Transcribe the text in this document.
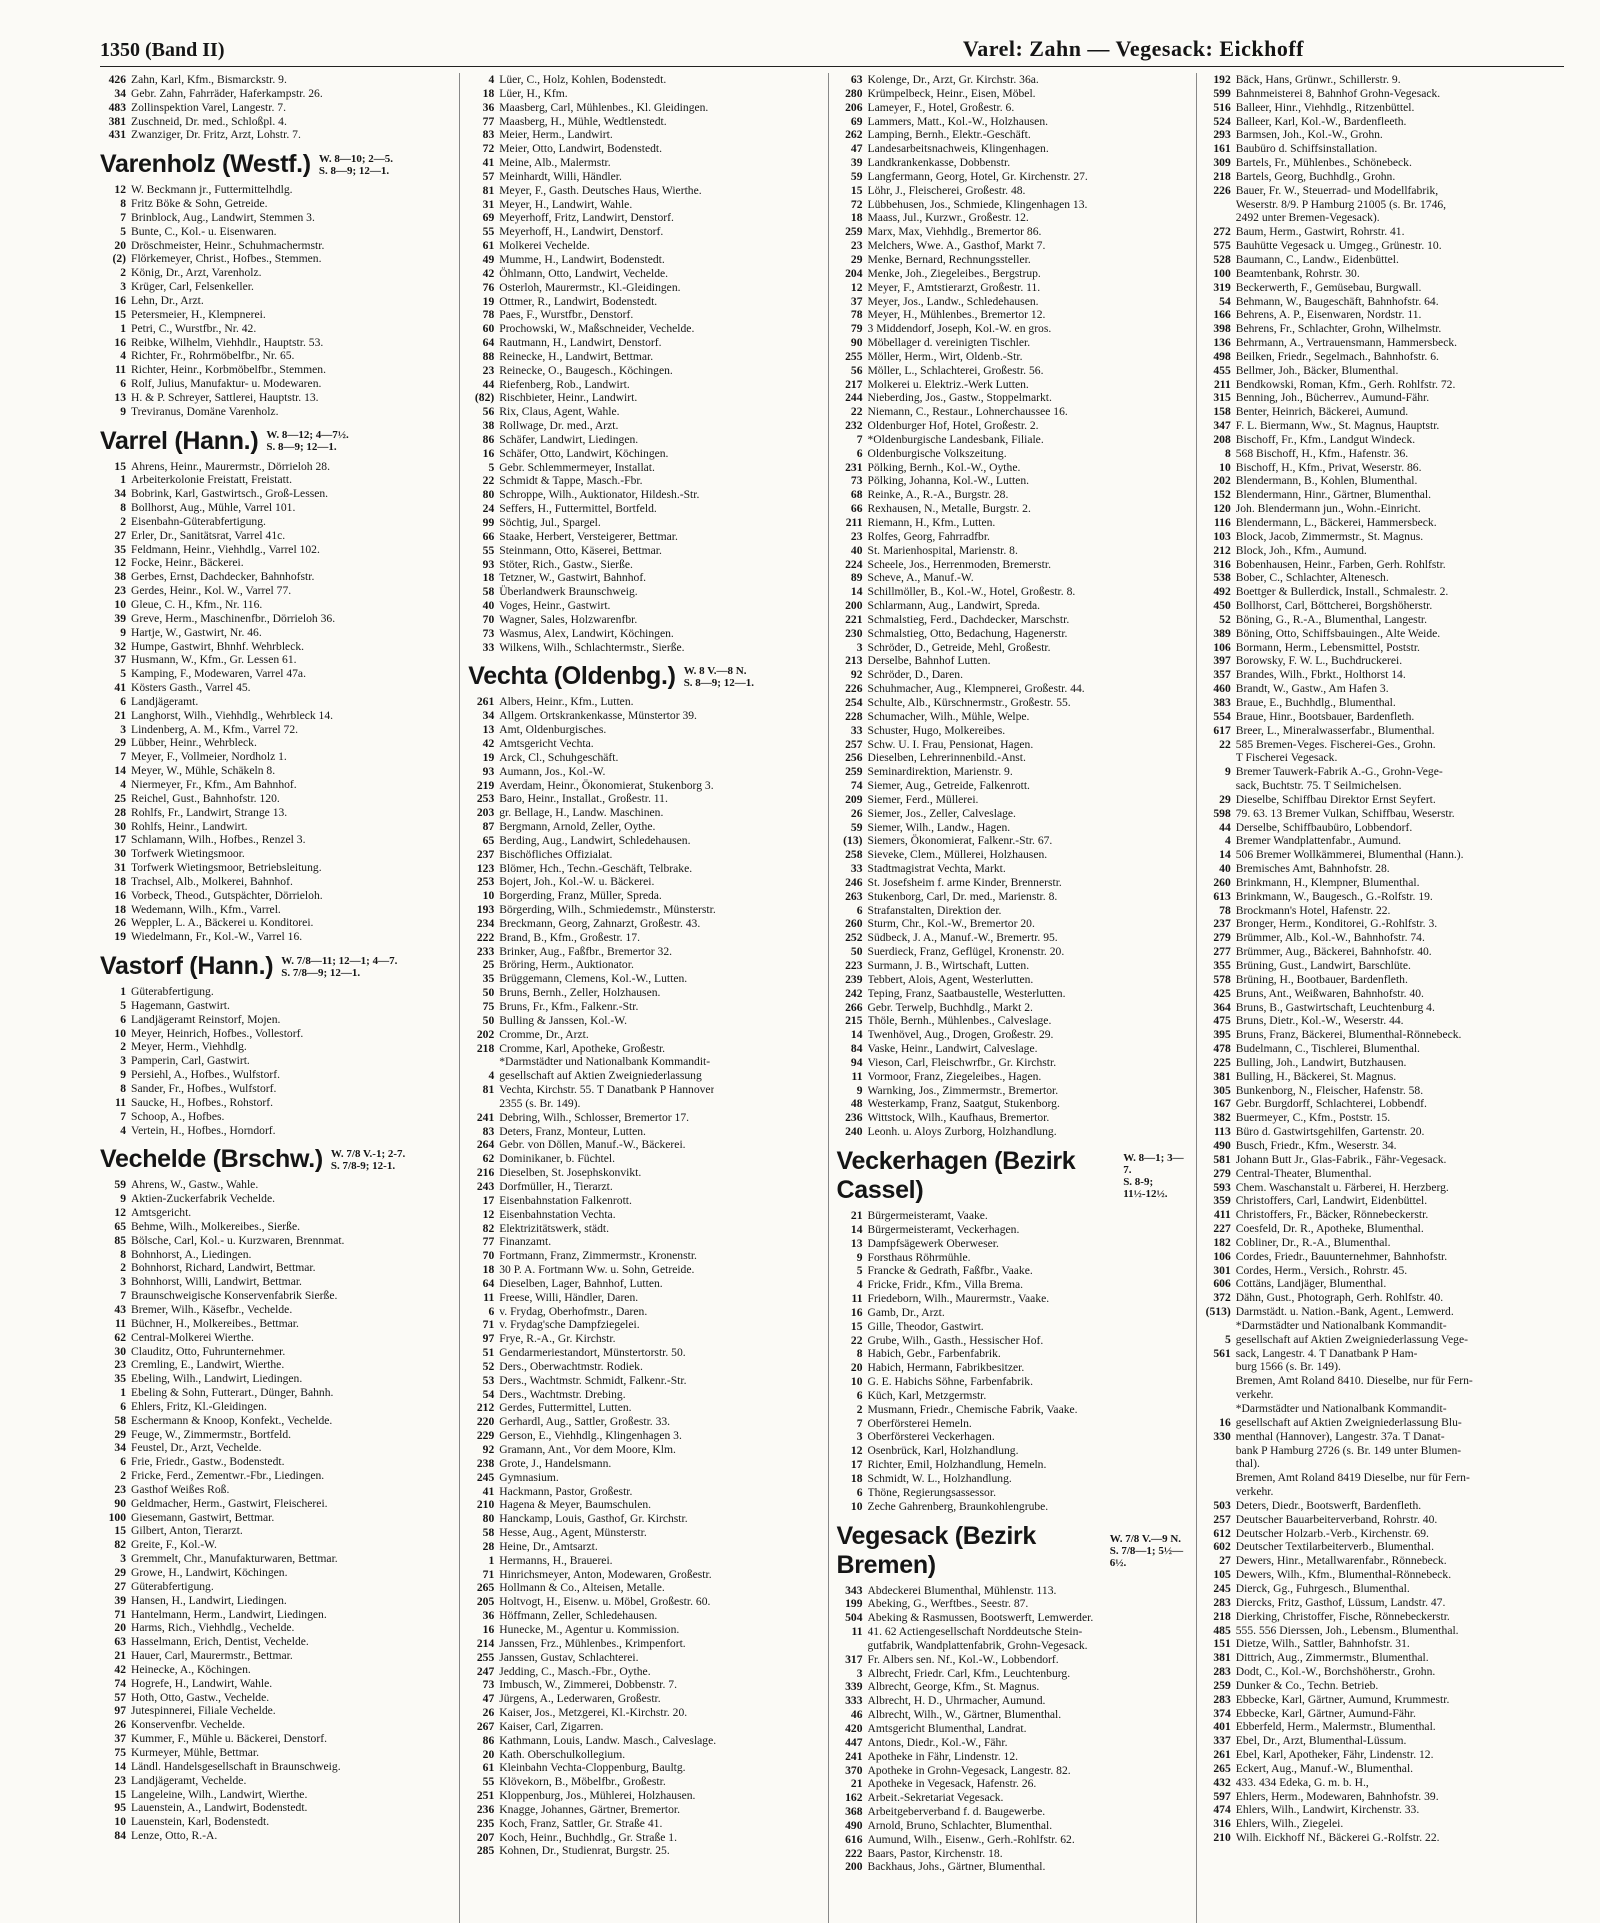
1350 (Band II)	Varel: Zahn — Vegesack: Eickhoff
426 Zahn, Karl, Kfm., Bismarckstr. 9.
34 Gebr. Zahn, Fahrräder, Haferkampstr. 26.
483 Zollinspektion Varel, Langestr. 7.
381 Zuschneid, Dr. med., Schloßpl. 4.
431 Zwanziger, Dr. Fritz, Arzt, Lohstr. 7.
Varenholz (Westf.) W. 8—10; 2—5.
S. 8—9; 12—1.
12 W. Beckmann jr., Futtermittelhdlg.
8 Fritz Böke & Sohn, Getreide.
7 Brinblock, Aug., Landwirt, Stemmen 3.
5 Bunte, C., Kol.- u. Eisenwaren.
20 Dröschmeister, Heinr., Schuhmachermstr.
(2) Flörkemeyer, Christ., Hofbes., Stemmen.
2 König, Dr., Arzt, Varenholz.
3 Krüger, Carl, Felsenkeller.
16 Lehn, Dr., Arzt.
15 Petersmeier, H., Klempnerei.
1 Petri, C., Wurstfbr., Nr. 42.
16 Reibke, Wilhelm, Viehhdlr., Hauptstr. 53.
4 Richter, Fr., Rohrmöbelfbr., Nr. 65.
11 Richter, Heinr., Korbmöbelfbr., Stemmen.
6 Rolf, Julius, Manufaktur- u. Modewaren.
13 H. & P. Schreyer, Sattlerei, Hauptstr. 13.
9 Treviranus, Domäne Varenholz.
Varrel (Hann.) W. 8—12; 4—7½.
S. 8—9; 12—1.
15 Ahrens, Heinr., Maurermstr., Dörrieloh 28.
1 Arbeiterkolonie Freistatt, Freistatt.
34 Bobrink, Karl, Gastwirtsch., Groß-Lessen.
8 Bollhorst, Aug., Mühle, Varrel 101.
2 Eisenbahn-Güterabfertigung.
27 Erler, Dr., Sanitätsrat, Varrel 41c.
35 Feldmann, Heinr., Viehhdlg., Varrel 102.
12 Focke, Heinr., Bäckerei.
38 Gerbes, Ernst, Dachdecker, Bahnhofstr.
23 Gerdes, Heinr., Kol. W., Varrel 77.
10 Gleue, C. H., Kfm., Nr. 116.
39 Greve, Herm., Maschinenfbr., Dörrieloh 36.
9 Hartje, W., Gastwirt, Nr. 46.
32 Humpe, Gastwirt, Bhnhf. Wehrbleck.
37 Husmann, W., Kfm., Gr. Lessen 61.
5 Kamping, F., Modewaren, Varrel 47a.
41 Kösters Gasth., Varrel 45.
6 Landjägeramt.
21 Langhorst, Wilh., Viehhdlg., Wehrbleck 14.
3 Lindenberg, A. M., Kfm., Varrel 72.
29 Lübber, Heinr., Wehrbleck.
7 Meyer, F., Vollmeier, Nordholz 1.
14 Meyer, W., Mühle, Schäkeln 8.
4 Niermeyer, Fr., Kfm., Am Bahnhof.
25 Reichel, Gust., Bahnhofstr. 120.
28 Rohlfs, Fr., Landwirt, Strange 13.
30 Rohlfs, Heinr., Landwirt.
17 Schlamann, Wilh., Hofbes., Renzel 3.
30 Torfwerk Wietingsmoor.
31 Torfwerk Wietingsmoor, Betriebsleitung.
18 Trachsel, Alb., Molkerei, Bahnhof.
16 Vorbeck, Theod., Gutspächter, Dörrieloh.
18 Wedemann, Wilh., Kfm., Varrel.
26 Weppler, L. A., Bäckerei u. Konditorei.
19 Wiedelmann, Fr., Kol.-W., Varrel 16.
Vastorf (Hann.) W. 7/8—11; 12—1; 4—7.
S. 7/8—9; 12—1.
1 Güterabfertigung.
5 Hagemann, Gastwirt.
6 Landjägeramt Reinstorf, Mojen.
10 Meyer, Heinrich, Hofbes., Vollestorf.
2 Meyer, Herm., Viehhdlg.
3 Pamperin, Carl, Gastwirt.
9 Persiehl, A., Hofbes., Wulfstorf.
8 Sander, Fr., Hofbes., Wulfstorf.
11 Saucke, H., Hofbes., Rohstorf.
7 Schoop, A., Hofbes.
4 Vertein, H., Hofbes., Horndorf.
Vechelde (Brschw.) W. 7/8 V.-1; 2-7.
S. 7/8-9; 12-1.
59 Ahrens, W., Gastw., Wahle.
9 Aktien-Zuckerfabrik Vechelde.
12 Amtsgericht.
65 Behme, Wilh., Molkereibes., Sierße.
85 Bölsche, Carl, Kol.- u. Kurzwaren, Brennmat.
8 Bohnhorst, A., Liedingen.
2 Bohnhorst, Richard, Landwirt, Bettmar.
3 Bohnhorst, Willi, Landwirt, Bettmar.
7 Braunschweigische Konservenfabrik Sierße.
43 Bremer, Wilh., Käsefbr., Vechelde.
11 Büchner, H., Molkereibes., Bettmar.
62 Central-Molkerei Wierthe.
30 Clauditz, Otto, Fuhrunternehmer.
23 Cremling, E., Landwirt, Wierthe.
35 Ebeling, Wilh., Landwirt, Liedingen.
1 Ebeling & Sohn, Futterart., Dünger, Bahnh.
6 Ehlers, Fritz, Kl.-Gleidingen.
58 Eschermann & Knoop, Konfekt., Vechelde.
29 Feuge, W., Zimmermstr., Bortfeld.
34 Feustel, Dr., Arzt, Vechelde.
6 Frie, Friedr., Gastw., Bodenstedt.
2 Fricke, Ferd., Zementwr.-Fbr., Liedingen.
23 Gasthof Weißes Roß.
90 Geldmacher, Herm., Gastwirt, Fleischerei.
100 Giesemann, Gastwirt, Bettmar.
15 Gilbert, Anton, Tierarzt.
82 Greite, F., Kol.-W.
3 Gremmelt, Chr., Manufakturwaren, Bettmar.
29 Growe, H., Landwirt, Köchingen.
27 Güterabfertigung.
39 Hansen, H., Landwirt, Liedingen.
71 Hantelmann, Herm., Landwirt, Liedingen.
20 Harms, Rich., Viehhdlg., Vechelde.
63 Hasselmann, Erich, Dentist, Vechelde.
21 Hauer, Carl, Maurermstr., Bettmar.
42 Heinecke, A., Köchingen.
74 Hogrefe, H., Landwirt, Wahle.
57 Hoth, Otto, Gastw., Vechelde.
97 Jutespinnerei, Filiale Vechelde.
26 Konservenfbr. Vechelde.
37 Kummer, F., Mühle u. Bäckerei, Denstorf.
75 Kurmeyer, Mühle, Bettmar.
14 Ländl. Handelsgesellschaft in Braunschweig.
23 Landjägeramt, Vechelde.
15 Langeleine, Wilh., Landwirt, Wierthe.
95 Lauenstein, A., Landwirt, Bodenstedt.
10 Lauenstein, Karl, Bodenstedt.
84 Lenze, Otto, R.-A.
4 Lüer, C., Holz, Kohlen, Bodenstedt.
18 Lüer, H., Kfm.
36 Maasberg, Carl, Mühlenbes., Kl. Gleidingen.
77 Maasberg, H., Mühle, Wedtlenstedt.
83 Meier, Herm., Landwirt.
72 Meier, Otto, Landwirt, Bodenstedt.
41 Meine, Alb., Malermstr.
57 Meinhardt, Willi, Händler.
81 Meyer, F., Gasth. Deutsches Haus, Wierthe.
31 Meyer, H., Landwirt, Wahle.
69 Meyerhoff, Fritz, Landwirt, Denstorf.
55 Meyerhoff, H., Landwirt, Denstorf.
61 Molkerei Vechelde.
49 Mumme, H., Landwirt, Bodenstedt.
42 Öhlmann, Otto, Landwirt, Vechelde.
76 Osterloh, Maurermstr., Kl.-Gleidingen.
19 Ottmer, R., Landwirt, Bodenstedt.
78 Paes, F., Wurstfbr., Denstorf.
60 Prochowski, W., Maßschneider, Vechelde.
64 Rautmann, H., Landwirt, Denstorf.
88 Reinecke, H., Landwirt, Bettmar.
23 Reinecke, O., Baugesch., Köchingen.
44 Riefenberg, Rob., Landwirt.
(82) Rischbieter, Heinr., Landwirt.
56 Rix, Claus, Agent, Wahle.
38 Rollwage, Dr. med., Arzt.
86 Schäfer, Landwirt, Liedingen.
16 Schäfer, Otto, Landwirt, Köchingen.
5 Gebr. Schlemmermeyer, Installat.
22 Schmidt & Tappe, Masch.-Fbr.
80 Schroppe, Wilh., Auktionator, Hildesh.-Str.
24 Seffers, H., Futtermittel, Bortfeld.
99 Söchtig, Jul., Spargel.
66 Staake, Herbert, Versteigerer, Bettmar.
55 Steinmann, Otto, Käserei, Bettmar.
93 Stöter, Rich., Gastw., Sierße.
18 Tetzner, W., Gastwirt, Bahnhof.
58 Überlandwerk Braunschweig.
40 Voges, Heinr., Gastwirt.
70 Wagner, Sales, Holzwarenfbr.
73 Wasmus, Alex, Landwirt, Köchingen.
33 Wilkens, Wilh., Schlachtermstr., Sierße.
Vechta (Oldenbg.) W. 8 V.—8 N.
S. 8—9; 12—1.
261 Albers, Heinr., Kfm., Lutten.
34 Allgem. Ortskrankenkasse, Münstertor 39.
13 Amt, Oldenburgisches.
42 Amtsgericht Vechta.
19 Arck, Cl., Schuhgeschäft.
93 Aumann, Jos., Kol.-W.
219 Averdam, Heinr., Ökonomierat, Stukenborg 3.
253 Baro, Heinr., Installat., Großestr. 11.
203 gr. Bellage, H., Landw. Maschinen.
87 Bergmann, Arnold, Zeller, Oythe.
65 Berding, Aug., Landwirt, Schledehausen.
237 Bischöfliches Offizialat.
123 Blömer, Hch., Techn.-Geschäft, Telbrake.
253 Bojert, Joh., Kol.-W. u. Bäckerei.
10 Borgerding, Franz, Müller, Spreda.
193 Börgerding, Wilh., Schmiedemstr., Münsterstr.
234 Breckmann, Georg, Zahnarzt, Großestr. 43.
222 Brand, B., Kfm., Großestr. 17.
233 Brinker, Aug., Faßfbr., Bremertor 32.
25 Bröring, Herm., Auktionator.
35 Brüggemann, Clemens, Kol.-W., Lutten.
50 Bruns, Bernh., Zeller, Holzhausen.
75 Bruns, Fr., Kfm., Falkenr.-Str.
50 Bulling & Janssen, Kol.-W.
202 Cromme, Dr., Arzt.
218 Cromme, Karl, Apotheke, Großestr.
*Darmstädter und Nationalbank Kommandit-
4 gesellschaft auf Aktien Zweigniederlassung
81 Vechta, Kirchstr. 55. T Danatbank P Hannover
2355 (s. Br. 149).
241 Debring, Wilh., Schlosser, Bremertor 17.
83 Deters, Franz, Monteur, Lutten.
264 Gebr. von Döllen, Manuf.-W., Bäckerei.
62 Dominikaner, b. Füchtel.
216 Dieselben, St. Josephskonvikt.
243 Dorfmüller, H., Tierarzt.
17 Eisenbahnstation Falkenrott.
12 Eisenbahnstation Vechta.
82 Elektrizitätswerk, städt.
77 Finanzamt.
70 Fortmann, Franz, Zimmermstr., Kronenstr.
18 30 P. A. Fortmann Ww. u. Sohn, Getreide.
64 Dieselben, Lager, Bahnhof, Lutten.
11 Freese, Willi, Händler, Daren.
6 v. Frydag, Oberhofmstr., Daren.
71 v. Frydag'sche Dampfziegelei.
97 Frye, R.-A., Gr. Kirchstr.
51 Gendarmeriestandort, Münstertorstr. 50.
52 Ders., Oberwachtmstr. Rodiek.
53 Ders., Wachtmstr. Schmidt, Falkenr.-Str.
54 Ders., Wachtmstr. Drebing.
212 Gerdes, Futtermittel, Lutten.
220 Gerhardl, Aug., Sattler, Großestr. 33.
229 Gerson, E., Viehhdlg., Klingenhagen 3.
92 Gramann, Ant., Vor dem Moore, Klm.
238 Grote, J., Handelsmann.
245 Gymnasium.
41 Hackmann, Pastor, Großestr.
210 Hagena & Meyer, Baumschulen.
80 Hanckamp, Louis, Gasthof, Gr. Kirchstr.
58 Hesse, Aug., Agent, Münsterstr.
28 Heine, Dr., Amtsarzt.
1 Hermanns, H., Brauerei.
71 Hinrichsmeyer, Anton, Modewaren, Großestr.
265 Hollmann & Co., Alteisen, Metalle.
205 Holtvogt, H., Eisenw. u. Möbel, Großestr. 60.
36 Höffmann, Zeller, Schledehausen.
16 Hunecke, M., Agentur u. Kommission.
214 Janssen, Frz., Mühlenbes., Krimpenfort.
255 Janssen, Gustav, Schlachterei.
247 Jedding, C., Masch.-Fbr., Oythe.
73 Imbusch, W., Zimmerei, Dobbenstr. 7.
47 Jürgens, A., Lederwaren, Großestr.
26 Kaiser, Jos., Metzgerei, Kl.-Kirchstr. 20.
267 Kaiser, Carl, Zigarren.
86 Kathmann, Louis, Landw. Masch., Calveslage.
20 Kath. Oberschulkollegium.
61 Kleinbahn Vechta-Cloppenburg, Baultg.
55 Klövekorn, B., Möbelfbr., Großestr.
251 Kloppenburg, Jos., Mühlerei, Holzhausen.
236 Knagge, Johannes, Gärtner, Bremertor.
235 Koch, Franz, Sattler, Gr. Straße 41.
207 Koch, Heinr., Buchhdlg., Gr. Straße 1.
285 Kohnen, Dr., Studienrat, Burgstr. 25.
63 Kolenge, Dr., Arzt, Gr. Kirchstr. 36a.
280 Krümpelbeck, Heinr., Eisen, Möbel.
206 Lameyer, F., Hotel, Großestr. 6.
69 Lammers, Matt., Kol.-W., Holzhausen.
262 Lamping, Bernh., Elektr.-Geschäft.
47 Landesarbeitsnachweis, Klingenhagen.
39 Landkrankenkasse, Dobbenstr.
59 Langfermann, Georg, Hotel, Gr. Kirchenstr. 27.
15 Löhr, J., Fleischerei, Großestr. 48.
72 Lübbehusen, Jos., Schmiede, Klingenhagen 13.
18 Maass, Jul., Kurzwr., Großestr. 12.
259 Marx, Max, Viehhdlg., Bremertor 86.
23 Melchers, Wwe. A., Gasthof, Markt 7.
29 Menke, Bernard, Rechnungssteller.
204 Menke, Joh., Ziegeleibes., Bergstrup.
12 Meyer, F., Amtstierarzt, Großestr. 11.
37 Meyer, Jos., Landw., Schledehausen.
78 Meyer, H., Mühlenbes., Bremertor 12.
79 3 Middendorf, Joseph, Kol.-W. en gros.
90 Möbellager d. vereinigten Tischler.
255 Möller, Herm., Wirt, Oldenb.-Str.
56 Möller, L., Schlachterei, Großestr. 56.
217 Molkerei u. Elektriz.-Werk Lutten.
244 Nieberding, Jos., Gastw., Stoppelmarkt.
22 Niemann, C., Restaur., Lohnerchaussee 16.
232 Oldenburger Hof, Hotel, Großestr. 2.
7 *Oldenburgische Landesbank, Filiale.
6 Oldenburgische Volkszeitung.
231 Pölking, Bernh., Kol.-W., Oythe.
73 Pölking, Johanna, Kol.-W., Lutten.
68 Reinke, A., R.-A., Burgstr. 28.
66 Rexhausen, N., Metalle, Burgstr. 2.
211 Riemann, H., Kfm., Lutten.
23 Rolfes, Georg, Fahrradfbr.
40 St. Marienhospital, Marienstr. 8.
224 Scheele, Jos., Herrenmoden, Bremerstr.
89 Scheve, A., Manuf.-W.
14 Schillmöller, B., Kol.-W., Hotel, Großestr. 8.
200 Schlarmann, Aug., Landwirt, Spreda.
221 Schmalstieg, Ferd., Dachdecker, Marschstr.
230 Schmalstieg, Otto, Bedachung, Hagenerstr.
3 Schröder, D., Getreide, Mehl, Großestr.
213 Derselbe, Bahnhof Lutten.
92 Schröder, D., Daren.
226 Schuhmacher, Aug., Klempnerei, Großestr. 44.
254 Schulte, Alb., Kürschnermstr., Großestr. 55.
228 Schumacher, Wilh., Mühle, Welpe.
33 Schuster, Hugo, Molkereibes.
257 Schw. U. I. Frau, Pensionat, Hagen.
256 Dieselben, Lehrerinnenbild.-Anst.
259 Seminardirektion, Marienstr. 9.
74 Siemer, Aug., Getreide, Falkenrott.
209 Siemer, Ferd., Müllerei.
26 Siemer, Jos., Zeller, Calveslage.
59 Siemer, Wilh., Landw., Hagen.
(13) Siemers, Ökonomierat, Falkenr.-Str. 67.
258 Sieveke, Clem., Müllerei, Holzhausen.
33 Stadtmagistrat Vechta, Markt.
246 St. Josefsheim f. arme Kinder, Brennerstr.
263 Stukenborg, Carl, Dr. med., Marienstr. 8.
6 Strafanstalten, Direktion der.
260 Sturm, Chr., Kol.-W., Bremertor 20.
252 Südbeck, J. A., Manuf.-W., Bremertr. 95.
50 Suerdieck, Franz, Geflügel, Kronenstr. 20.
223 Surmann, J. B., Wirtschaft, Lutten.
239 Tebbert, Alois, Agent, Westerlutten.
242 Teping, Franz, Saatbaustelle, Westerlutten.
266 Gebr. Terwelp, Buchhdlg., Markt 2.
215 Thöle, Bernh., Mühlenbes., Calveslage.
14 Twenhövel, Aug., Drogen, Großestr. 29.
84 Vaske, Heinr., Landwirt, Calveslage.
94 Vieson, Carl, Fleischwrfbr., Gr. Kirchstr.
11 Vormoor, Franz, Ziegeleibes., Hagen.
9 Warnking, Jos., Zimmermstr., Bremertor.
48 Westerkamp, Franz, Saatgut, Stukenborg.
236 Wittstock, Wilh., Kaufhaus, Bremertor.
240 Leonh. u. Aloys Zurborg, Holzhandlung.
Veckerhagen (Bezirk Cassel)
W. 8—1; 3—7.
S. 8-9; 11½-12½.
21 Bürgermeisteramt, Vaake.
14 Bürgermeisteramt, Veckerhagen.
13 Dampfsägewerk Oberweser.
9 Forsthaus Röhrmühle.
5 Francke & Gedrath, Faßfbr., Vaake.
4 Fricke, Fridr., Kfm., Villa Brema.
11 Friedeborn, Wilh., Maurermstr., Vaake.
16 Gamb, Dr., Arzt.
15 Gille, Theodor, Gastwirt.
22 Grube, Wilh., Gasth., Hessischer Hof.
8 Habich, Gebr., Farbenfabrik.
20 Habich, Hermann, Fabrikbesitzer.
10 G. E. Habichs Söhne, Farbenfabrik.
6 Küch, Karl, Metzgermstr.
2 Musmann, Friedr., Chemische Fabrik, Vaake.
7 Oberförsterei Hemeln.
3 Oberförsterei Veckerhagen.
12 Osenbrück, Karl, Holzhandlung.
17 Richter, Emil, Holzhandlung, Hemeln.
18 Schmidt, W. L., Holzhandlung.
6 Thöne, Regierungsassessor.
10 Zeche Gahrenberg, Braunkohlengrube.
Vegesack (Bezirk Bremen)
W. 7/8 V.—9 N.
S. 7/8—1; 5½—6½.
343 Abdeckerei Blumenthal, Mühlenstr. 113.
199 Abeking, G., Werftbes., Seestr. 87.
504 Abeking & Rasmussen, Bootswerft, Lemwerder.
11 41. 62 Actiengesellschaft Norddeutsche Stein-
gutfabrik, Wandplattenfabrik, Grohn-Vegesack.
317 Fr. Albers sen. Nf., Kol.-W., Lobbendorf.
3 Albrecht, Friedr. Carl, Kfm., Leuchtenburg.
339 Albrecht, George, Kfm., St. Magnus.
333 Albrecht, H. D., Uhrmacher, Aumund.
46 Albrecht, Wilh., W., Gärtner, Blumenthal.
420 Amtsgericht Blumenthal, Landrat.
447 Antons, Diedr., Kol.-W., Fähr.
241 Apotheke in Fähr, Lindenstr. 12.
370 Apotheke in Grohn-Vegesack, Langestr. 82.
21 Apotheke in Vegesack, Hafenstr. 26.
162 Arbeit.-Sekretariat Vegesack.
368 Arbeitgeberverband f. d. Baugewerbe.
490 Arnold, Bruno, Schlachter, Blumenthal.
616 Aumund, Wilh., Eisenw., Gerh.-Rohlfstr. 62.
222 Baars, Pastor, Kirchenstr. 18.
200 Backhaus, Johs., Gärtner, Blumenthal.
192 Bäck, Hans, Grünwr., Schillerstr. 9.
599 Bahnmeisterei 8, Bahnhof Grohn-Vegesack.
516 Balleer, Hinr., Viehhdlg., Ritzenbüttel.
524 Balleer, Karl, Kol.-W., Bardenfleeth.
293 Barmsen, Joh., Kol.-W., Grohn.
161 Baubüro d. Schiffsinstallation.
309 Bartels, Fr., Mühlenbes., Schönebeck.
218 Bartels, Georg, Buchhdlg., Grohn.
226 Bauer, Fr. W., Steuerrad- und Modellfabrik,
Weserstr. 8/9. P Hamburg 21005 (s. Br. 1746,
2492 unter Bremen-Vegesack).
272 Baum, Herm., Gastwirt, Rohrstr. 41.
575 Bauhütte Vegesack u. Umgeg., Grünestr. 10.
528 Baumann, C., Landw., Eidenbüttel.
100 Beamtenbank, Rohrstr. 30.
319 Beckerwerth, F., Gemüsebau, Burgwall.
54 Behmann, W., Baugeschäft, Bahnhofstr. 64.
166 Behrens, A. P., Eisenwaren, Nordstr. 11.
398 Behrens, Fr., Schlachter, Grohn, Wilhelmstr.
136 Behrmann, A., Vertrauensmann, Hammersbeck.
498 Beilken, Friedr., Segelmach., Bahnhofstr. 6.
455 Bellmer, Joh., Bäcker, Blumenthal.
211 Bendkowski, Roman, Kfm., Gerh. Rohlfstr. 72.
315 Benning, Joh., Bücherrev., Aumund-Fähr.
158 Benter, Heinrich, Bäckerei, Aumund.
347 F. L. Biermann, Ww., St. Magnus, Hauptstr.
208 Bischoff, Fr., Kfm., Landgut Windeck.
8 568 Bischoff, H., Kfm., Hafenstr. 36.
10 Bischoff, H., Kfm., Privat, Weserstr. 86.
202 Blendermann, B., Kohlen, Blumenthal.
152 Blendermann, Hinr., Gärtner, Blumenthal.
120 Joh. Blendermann jun., Wohn.-Einricht.
116 Blendermann, L., Bäckerei, Hammersbeck.
103 Block, Jacob, Zimmermstr., St. Magnus.
212 Block, Joh., Kfm., Aumund.
316 Bobenhausen, Heinr., Farben, Gerh. Rohlfstr.
538 Bober, C., Schlachter, Altenesch.
492 Boettger & Bullerdick, Install., Schmalestr. 2.
450 Bollhorst, Carl, Böttcherei, Borgshöherstr.
52 Böning, G., R.-A., Blumenthal, Langestr.
389 Böning, Otto, Schiffsbauingen., Alte Weide.
106 Bormann, Herm., Lebensmittel, Poststr.
397 Borowsky, F. W. L., Buchdruckerei.
357 Brandes, Wilh., Fbrkt., Holthorst 14.
460 Brandt, W., Gastw., Am Hafen 3.
383 Braue, E., Buchhdlg., Blumenthal.
554 Braue, Hinr., Bootsbauer, Bardenfleth.
617 Breer, L., Mineralwasserfabr., Blumenthal.
22 585 Bremen-Veges. Fischerei-Ges., Grohn.
T Fischerei Vegesack.
9 Bremer Tauwerk-Fabrik A.-G., Grohn-Vege-
sack, Buchtstr. 75. T Seilmichelsen.
29 Dieselbe, Schiffbau Direktor Ernst Seyfert.
598 79. 63. 13 Bremer Vulkan, Schiffbau, Weserstr.
44 Derselbe, Schiffbaubüro, Lobbendorf.
4 Bremer Wandplattenfabr., Aumund.
14 506 Bremer Wollkämmerei, Blumenthal (Hann.).
40 Bremisches Amt, Bahnhofstr. 28.
260 Brinkmann, H., Klempner, Blumenthal.
613 Brinkmann, W., Baugesch., G.-Rolfstr. 19.
78 Brockmann's Hotel, Hafenstr. 22.
237 Bronger, Herm., Konditorei, G.-Rohlfstr. 3.
279 Brümmer, Alb., Kol.-W., Bahnhofstr. 74.
277 Brümmer, Aug., Bäckerei, Bahnhofstr. 40.
355 Brüning, Gust., Landwirt, Barschlüte.
578 Brüning, H., Bootbauer, Bardenfleth.
425 Bruns, Ant., Weißwaren, Bahnhofstr. 40.
364 Bruns, B., Gastwirtschaft, Leuchtenburg 4.
475 Bruns, Dietr., Kol.-W., Weserstr. 44.
395 Bruns, Franz, Bäckerei, Blumenthal-Rönnebeck.
478 Budelmann, C., Tischlerei, Blumenthal.
225 Bulling, Joh., Landwirt, Butzhausen.
381 Bulling, H., Bäckerei, St. Magnus.
305 Bunkenborg, N., Fleischer, Hafenstr. 58.
167 Gebr. Burgdorff, Schlachterei, Lobbendf.
382 Buermeyer, C., Kfm., Poststr. 15.
113 Büro d. Gastwirtsgehilfen, Gartenstr. 20.
490 Busch, Friedr., Kfm., Weserstr. 34.
581 Johann Butt Jr., Glas-Fabrik., Fähr-Vegesack.
279 Central-Theater, Blumenthal.
593 Chem. Waschanstalt u. Färberei, H. Herzberg.
359 Christoffers, Carl, Landwirt, Eidenbüttel.
411 Christoffers, Fr., Bäcker, Rönnebeckerstr.
227 Coesfeld, Dr. R., Apotheke, Blumenthal.
182 Cobliner, Dr., R.-A., Blumenthal.
106 Cordes, Friedr., Bauunternehmer, Bahnhofstr.
301 Cordes, Herm., Versich., Rohrstr. 45.
606 Cottäns, Landjäger, Blumenthal.
372 Dähn, Gust., Photograph, Gerh. Rohlfstr. 40.
(513) Darmstädt. u. Nation.-Bank, Agent., Lemwerd.
*Darmstädter und Nationalbank Kommandit-
5 gesellschaft auf Aktien Zweigniederlassung Vege-
561 sack, Langestr. 4. T Danatbank P Ham-
burg 1566 (s. Br. 149).
Bremen, Amt Roland 8410. Dieselbe, nur für Fern-
verkehr.
*Darmstädter und Nationalbank Kommandit-
16 gesellschaft auf Aktien Zweigniederlassung Blu-
330 menthal (Hannover), Langestr. 37a. T Danat-
bank P Hamburg 2726 (s. Br. 149 unter Blumen-
thal).
Bremen, Amt Roland 8419 Dieselbe, nur für Fern-
verkehr.
503 Deters, Diedr., Bootswerft, Bardenfleth.
257 Deutscher Bauarbeiterverband, Rohrstr. 40.
612 Deutscher Holzarb.-Verb., Kirchenstr. 69.
602 Deutscher Textilarbeiterverb., Blumenthal.
27 Dewers, Hinr., Metallwarenfabr., Rönnebeck.
105 Dewers, Wilh., Kfm., Blumenthal-Rönnebeck.
245 Dierck, Gg., Fuhrgesch., Blumenthal.
283 Diercks, Fritz, Gasthof, Lüssum, Landstr. 47.
218 Dierking, Christoffer, Fische, Rönnebeckerstr.
485 555. 556 Dierssen, Joh., Lebensm., Blumenthal.
151 Dietze, Wilh., Sattler, Bahnhofstr. 31.
381 Dittrich, Aug., Zimmermstr., Blumenthal.
283 Dodt, C., Kol.-W., Borchshöherstr., Grohn.
259 Dunker & Co., Techn. Betrieb.
283 Ebbecke, Karl, Gärtner, Aumund, Krummestr.
374 Ebbecke, Karl, Gärtner, Aumund-Fähr.
401 Ebberfeld, Herm., Malermstr., Blumenthal.
337 Ebel, Dr., Arzt, Blumenthal-Lüssum.
261 Ebel, Karl, Apotheker, Fähr, Lindenstr. 12.
265 Eckert, Aug., Manuf.-W., Blumenthal.
432 433. 434 Edeka, G. m. b. H.,
597 Ehlers, Herm., Modewaren, Bahnhofstr. 39.
474 Ehlers, Wilh., Landwirt, Kirchenstr. 33.
316 Ehlers, Wilh., Ziegelei.
210 Wilh. Eickhoff Nf., Bäckerei G.-Rolfstr. 22.
